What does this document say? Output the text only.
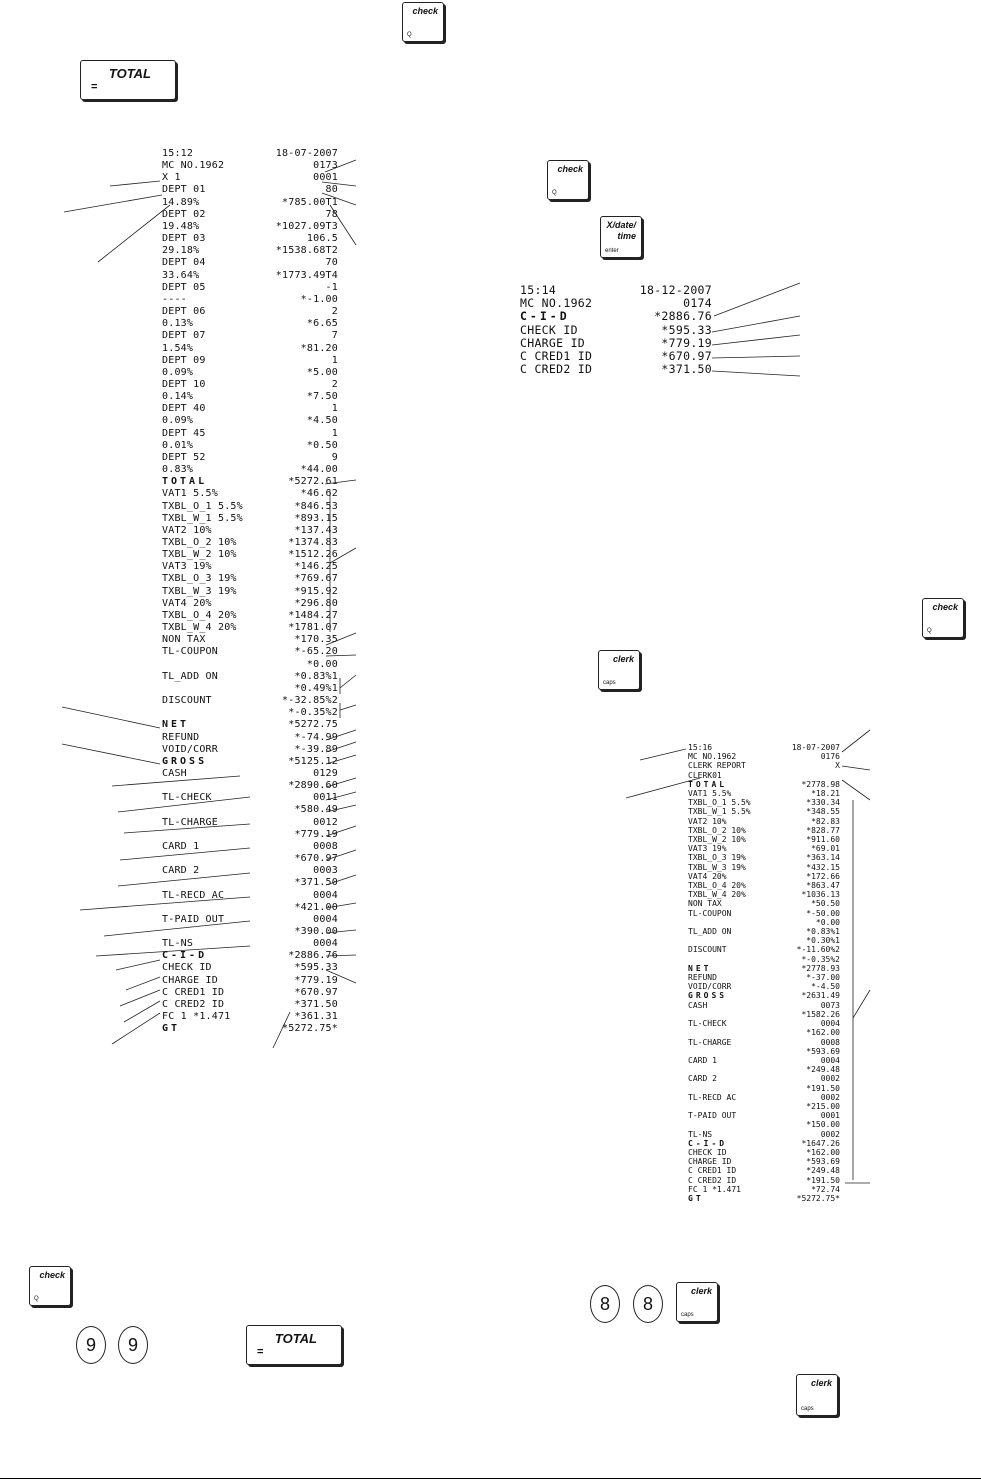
check
Q
TOTAL
=
check
Q
X/date/
time
enter
check
Q
clerk
caps
check
Q
9	9	TOTAL
=
8	8
clerk
caps
clerk
caps
15:12	18-07-2007
MC NO.1962	0173
X 1	0001
DEPT 01	80
14.89%	*785.00T1
DEPT 02	78
19.48%	*1027.09T3
DEPT 03	106.5
29.18%	*1538.68T2
DEPT 04	70
33.64%	*1773.49T4
DEPT 05	-1
----	*-1.00
DEPT 06	2
0.13%	*6.65
DEPT 07	7
1.54%	*81.20
DEPT 09	1
0.09%	*5.00
DEPT 10	2
0.14%	*7.50
DEPT 40	1
0.09%	*4.50
DEPT 45	1
0.01%	*0.50
DEPT 52	9
0.83%	*44.00
TOTAL	*5272.61
VAT1 5.5%	*46.62
TXBL_O_1 5.5%	*846.53
TXBL_W_1 5.5%	*893.15
VAT2 10%	*137.43
TXBL_O_2 10%	*1374.83
TXBL_W_2 10%	*1512.26
VAT3 19%	*146.25
TXBL_O_3 19%	*769.67
TXBL_W_3 19%	*915.92
VAT4 20%	*296.80
TXBL_O_4 20%	*1484.27
TXBL_W_4 20%	*1781.07
NON TAX	*170.35
TL-COUPON	*-65.20
*0.00
TL_ADD ON	*0.83%1
*0.49%1
DISCOUNT	*-32.85%2
*-0.35%2
NET	*5272.75
REFUND	*-74.99
VOID/CORR	*-39.89
GROSS	*5125.12
CASH	0129
*2890.60
TL-CHECK	0011
*580.49
TL-CHARGE	0012
*779.19
CARD 1	0008
*670.97
CARD 2	0003
*371.50
TL-RECD AC	0004
*421.00
T-PAID OUT	0004
*390.00
TL-NS	0004
C-I-D	*2886.76
CHECK ID	*595.33
CHARGE ID	*779.19
C CRED1 ID	*670.97
C CRED2 ID	*371.50
FC 1 *1.471	*361.31
GT	*5272.75*
15:14	18-12-2007
MC NO.1962	0174
C-I-D	*2886.76
CHECK ID	*595.33
CHARGE ID	*779.19
C CRED1 ID	*670.97
C CRED2 ID	*371.50
15:16	18-07-2007
MC NO.1962	0176
CLERK REPORT	X
CLERK01
TOTAL	*2778.98
VAT1 5.5%	*18.21
TXBL_O_1 5.5%	*330.34
TXBL_W_1 5.5%	*348.55
VAT2 10%	*82.83
TXBL_O_2 10%	*828.77
TXBL_W_2 10%	*911.60
VAT3 19%	*69.01
TXBL_O_3 19%	*363.14
TXBL_W_3 19%	*432.15
VAT4 20%	*172.66
TXBL_O_4 20%	*863.47
TXBL_W_4 20%	*1036.13
NON TAX	*50.50
TL-COUPON	*-50.00
*0.00
TL_ADD ON	*0.83%1
*0.30%1
DISCOUNT	*-11.60%2
*-0.35%2
NET	*2778.93
REFUND	*-37.00
VOID/CORR	*-4.50
GROSS	*2631.49
CASH	0073
*1582.26
TL-CHECK	0004
*162.00
TL-CHARGE	0008
*593.69
CARD 1	0004
*249.48
CARD 2	0002
*191.50
TL-RECD AC	0002
*215.00
T-PAID OUT	0001
*150.00
TL-NS	0002
C-I-D	*1647.26
CHECK ID	*162.00
CHARGE ID	*593.69
C CRED1 ID	*249.48
C CRED2 ID	*191.50
FC 1 *1.471	*72.74
GT	*5272.75*
